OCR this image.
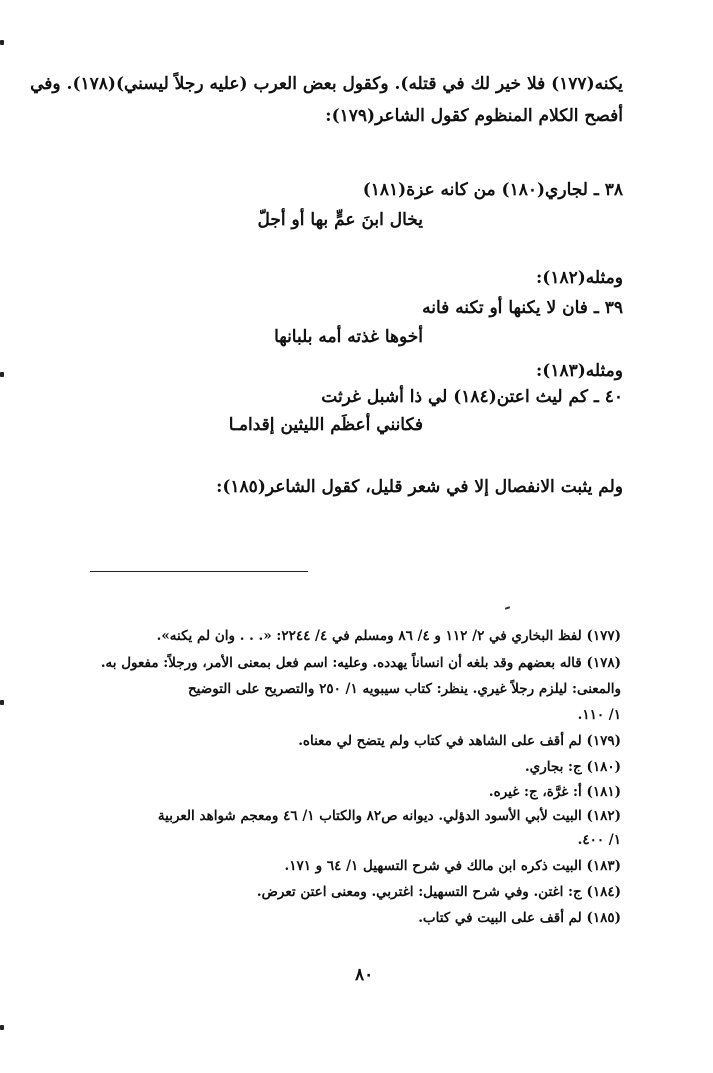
يكنه(١٧٧) فلا خير لك في قتله). وكقول بعض العرب (عليه رجلاً ليسني)(١٧٨). وفي
أفصح الكلام المنظوم كقول الشاعر(١٧٩):
٣٨ ـ لجاري(١٨٠) من كانه عزة(١٨١)
يخال ابنَ عمٍّ بها أو أجلّ
ومثله(١٨٢):
٣٩ ـ فان لا يكنها أو تكنه فانه
أخوها غذته أمه بلبانها
ومثله(١٨٣):
٤٠ ـ كم ليث اعتن(١٨٤) لي ذا أشبل غرثت
فكانني أعظَم الليثين إقدامـا
ولم يثبت الانفصال إلا في شعر قليل، كقول الشاعر(١٨٥):
(١٧٧) لفظ البخاري في ٢/ ١١٢ و ٤/ ٨٦ ومسلم في ٤/ ٢٢٤٤: «. . . وان لم يكنه».
(١٧٨) قاله بعضهم وقد بلغه أن انساناً يهدده. وعليه: اسم فعل بمعنى الأمر، ورجلاً: مفعول به.
والمعنى: ليلزم رجلاً غيري. ينظر: كتاب سيبويه ١/ ٢٥٠ والتصريح على التوضيح
١/ ١١٠.
(١٧٩) لم أقف على الشاهد في كتاب ولم يتضح لي معناه.
(١٨٠) ج: بجاري.
(١٨١) أ: غرَّة، ج: غيره.
(١٨٢) البيت لأبي الأسود الدؤلي. ديوانه ص٨٢ والكتاب ١/ ٤٦ ومعجم شواهد العربية
١/ ٤٠٠.
(١٨٣) البيت ذكره ابن مالك في شرح التسهيل ١/ ٦٤ و ١٧١.
(١٨٤) ج: اغتن. وفي شرح التسهيل: اغتربي. ومعنى اعتن تعرض.
(١٨٥) لم أقف على البيت في كتاب.
٨٠
